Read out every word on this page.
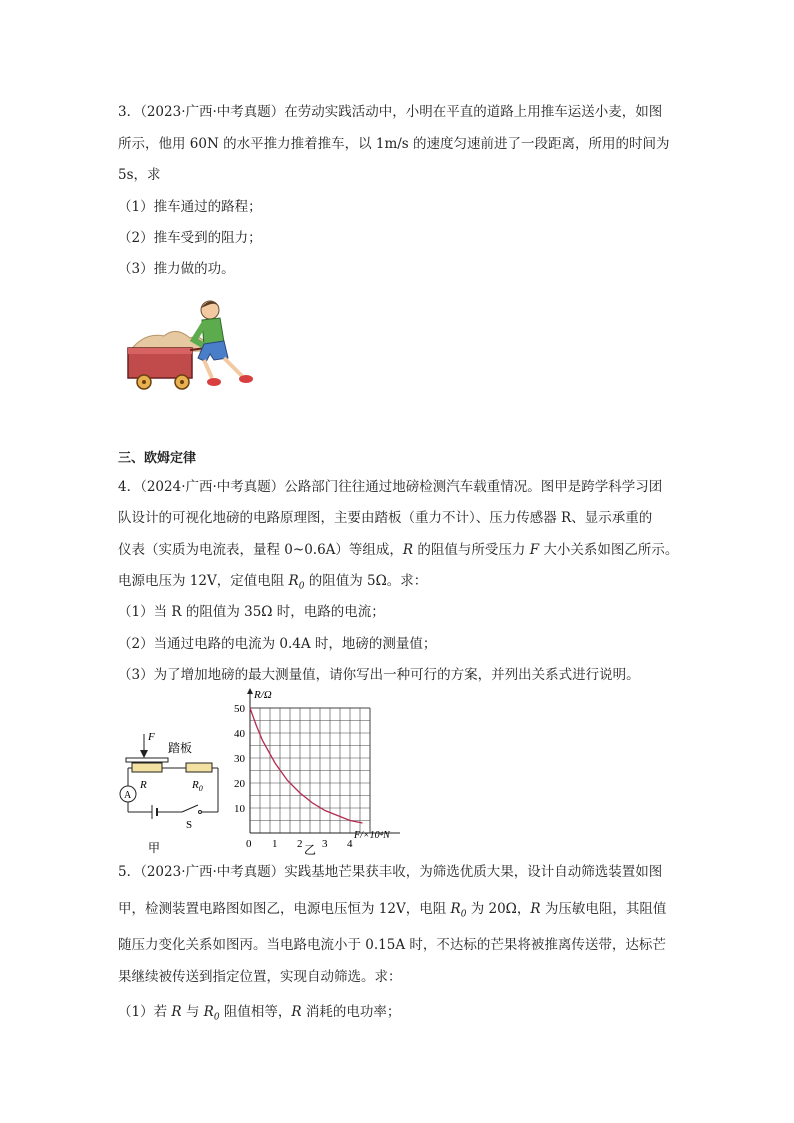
3．（2023·广西·中考真题）在劳动实践活动中，小明在平直的道路上用推车运送小麦，如图
所示，他用 60N 的水平推力推着推车，以 1m/s 的速度匀速前进了一段距离，所用的时间为
5s，求
（1）推车通过的路程；
（2）推车受到的阻力；
（3）推力做的功。
三、欧姆定律
4．（2024·广西·中考真题）公路部门往往通过地磅检测汽车载重情况。图甲是跨学科学习团
队设计的可视化地磅的电路原理图，主要由踏板（重力不计）、压力传感器 R、显示承重的
仪表（实质为电流表，量程 0~0.6A）等组成，R 的阻值与所受压力 F 大小关系如图乙所示。
电源电压为 12V，定值电阻 $R_0$ 的阻值为 5Ω。求：
（1）当 R 的阻值为 35Ω 时，电路的电流；
（2）当通过电路的电流为 0.4A 时，地磅的测量值；
（3）为了增加地磅的最大测量值，请你写出一种可行的方案，并列出关系式进行说明。
F
踏板
R	$R_0$
A
S
甲
R/Ω
F/×10⁴N
50
40
30
20
10
0 1 2 3 4
乙
5．（2023·广西·中考真题）实践基地芒果获丰收，为筛选优质大果，设计自动筛选装置如图
甲，检测装置电路图如图乙，电源电压恒为 12V，电阻 $R_0$ 为 20Ω，R 为压敏电阻，其阻值
随压力变化关系如图丙。当电路电流小于 0.15A 时，不达标的芒果将被推离传送带，达标芒
果继续被传送到指定位置，实现自动筛选。求：
（1）若 R 与 $R_0$ 阻值相等，R 消耗的电功率；
